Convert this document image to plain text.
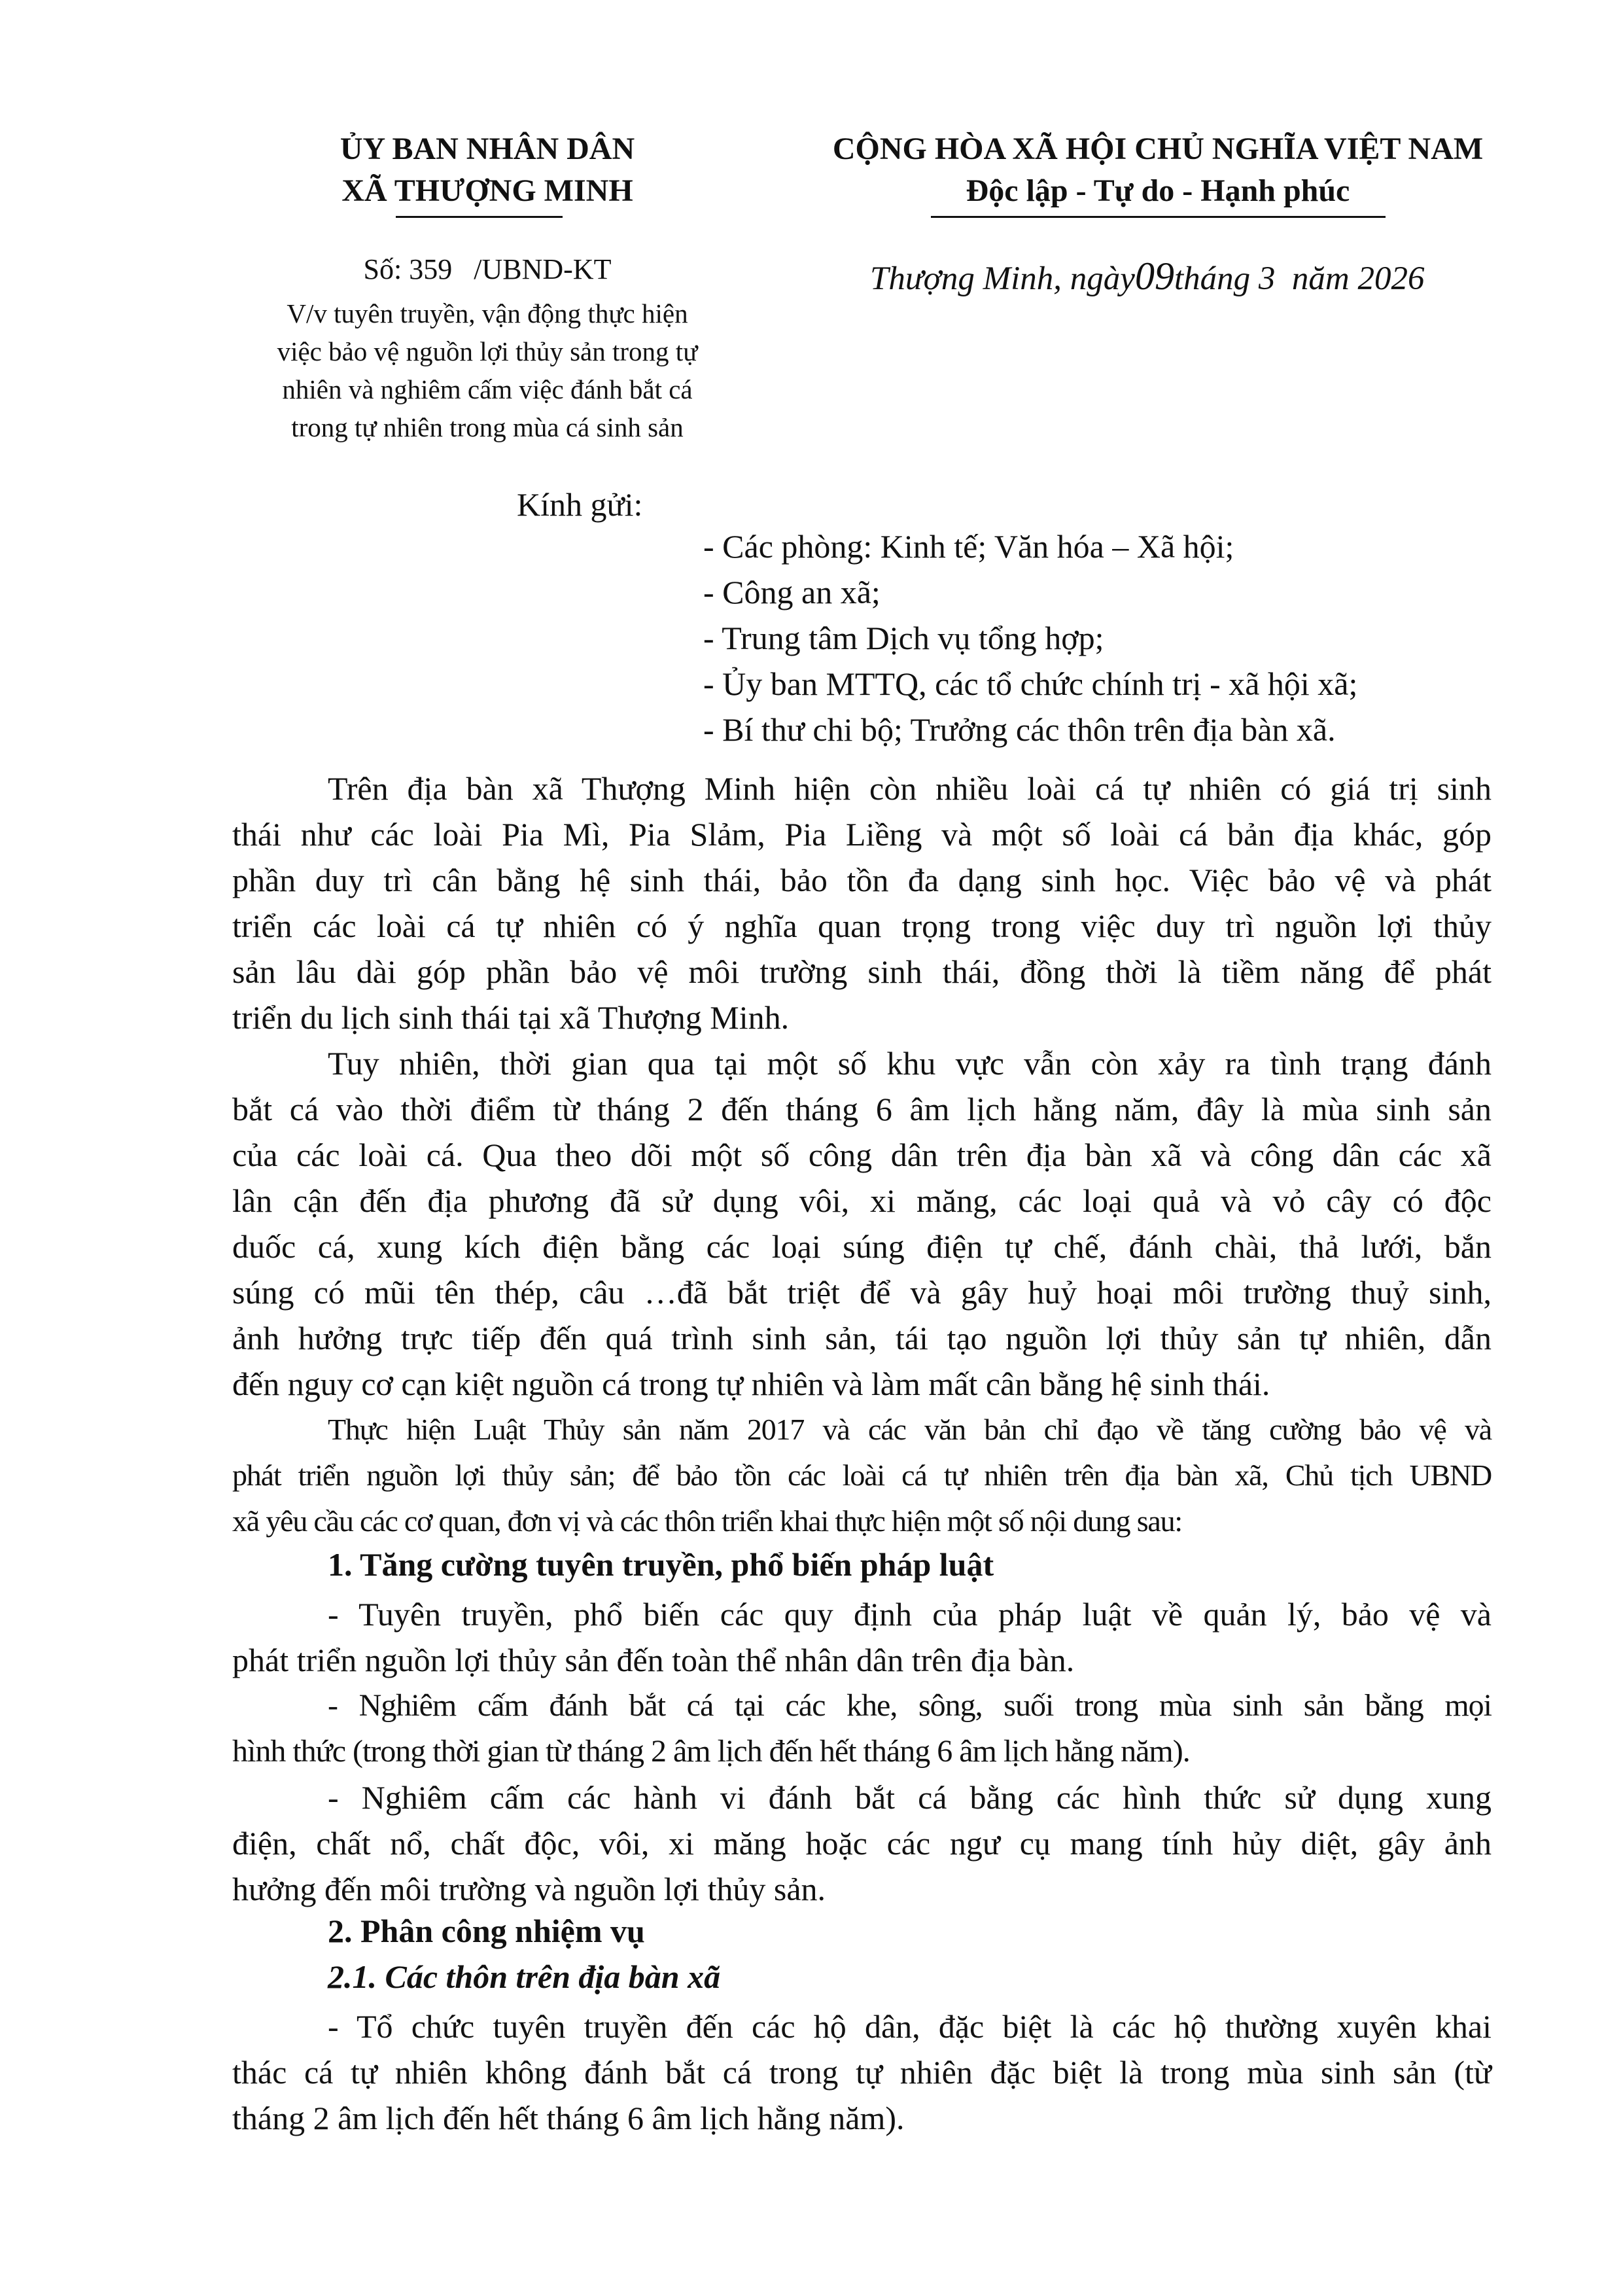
ỦY BAN NHÂN DÂN
XÃ THƯỢNG MINH
Số: 359   /UBND-KT
V/v tuyên truyền, vận động thực hiện
việc bảo vệ nguồn lợi thủy sản trong tự
nhiên và nghiêm cấm việc đánh bắt cá
trong tự nhiên trong mùa cá sinh sản
CỘNG HÒA XÃ HỘI CHỦ NGHĨA VIỆT NAM
Độc lập - Tự do - Hạnh phúc
Thượng Minh, ngày09tháng 3  năm 2026
Kính gửi:
- Các phòng: Kinh tế; Văn hóa – Xã hội;
- Công an xã;
- Trung tâm Dịch vụ tổng hợp;
- Ủy ban MTTQ, các tổ chức chính trị - xã hội xã;
- Bí thư chi bộ; Trưởng các thôn trên địa bàn xã.
Trên địa bàn xã Thượng Minh hiện còn nhiều loài cá tự nhiên có giá trị sinh
thái như các loài Pia Mì, Pia Slảm, Pia Liềng và một số loài cá bản địa khác, góp
phần duy trì cân bằng hệ sinh thái, bảo tồn đa dạng sinh học. Việc bảo vệ và phát
triển các loài cá tự nhiên có ý nghĩa quan trọng trong việc duy trì nguồn lợi thủy
sản lâu dài góp phần bảo vệ môi trường sinh thái, đồng thời là tiềm năng để phát
triển du lịch sinh thái tại xã Thượng Minh.
Tuy nhiên, thời gian qua tại một số khu vực vẫn còn xảy ra tình trạng đánh
bắt cá vào thời điểm từ tháng 2 đến tháng 6 âm lịch hằng năm, đây là mùa sinh sản
của các loài cá. Qua theo dõi một số công dân trên địa bàn xã và công dân các xã
lân cận đến địa phương đã sử dụng vôi, xi măng, các loại quả và vỏ cây có độc
duốc cá, xung kích điện bằng các loại súng điện tự chế, đánh chài, thả lưới, bắn
súng có mũi tên thép, câu …đã bắt triệt để và gây huỷ hoại môi trường thuỷ sinh,
ảnh hưởng trực tiếp đến quá trình sinh sản, tái tạo nguồn lợi thủy sản tự nhiên, dẫn
đến nguy cơ cạn kiệt nguồn cá trong tự nhiên và làm mất cân bằng hệ sinh thái.
Thực hiện Luật Thủy sản năm 2017 và các văn bản chỉ đạo về tăng cường bảo vệ và
phát triển nguồn lợi thủy sản; để bảo tồn các loài cá tự nhiên trên địa bàn xã, Chủ tịch UBND
xã yêu cầu các cơ quan, đơn vị và các thôn triển khai thực hiện một số nội dung sau:
1. Tăng cường tuyên truyền, phổ biến pháp luật
- Tuyên truyền, phổ biến các quy định của pháp luật về quản lý, bảo vệ và
phát triển nguồn lợi thủy sản đến toàn thể nhân dân trên địa bàn.
- Nghiêm cấm đánh bắt cá tại các khe, sông, suối trong mùa sinh sản bằng mọi
hình thức (trong thời gian từ tháng 2 âm lịch đến hết tháng 6 âm lịch hằng năm).
- Nghiêm cấm các hành vi đánh bắt cá bằng các hình thức sử dụng xung
điện, chất nổ, chất độc, vôi, xi măng hoặc các ngư cụ mang tính hủy diệt, gây ảnh
hưởng đến môi trường và nguồn lợi thủy sản.
2. Phân công nhiệm vụ
2.1. Các thôn trên địa bàn xã
- Tổ chức tuyên truyền đến các hộ dân, đặc biệt là các hộ thường xuyên khai
thác cá tự nhiên không đánh bắt cá trong tự nhiên đặc biệt là trong mùa sinh sản (từ
tháng 2 âm lịch đến hết tháng 6 âm lịch hằng năm).
